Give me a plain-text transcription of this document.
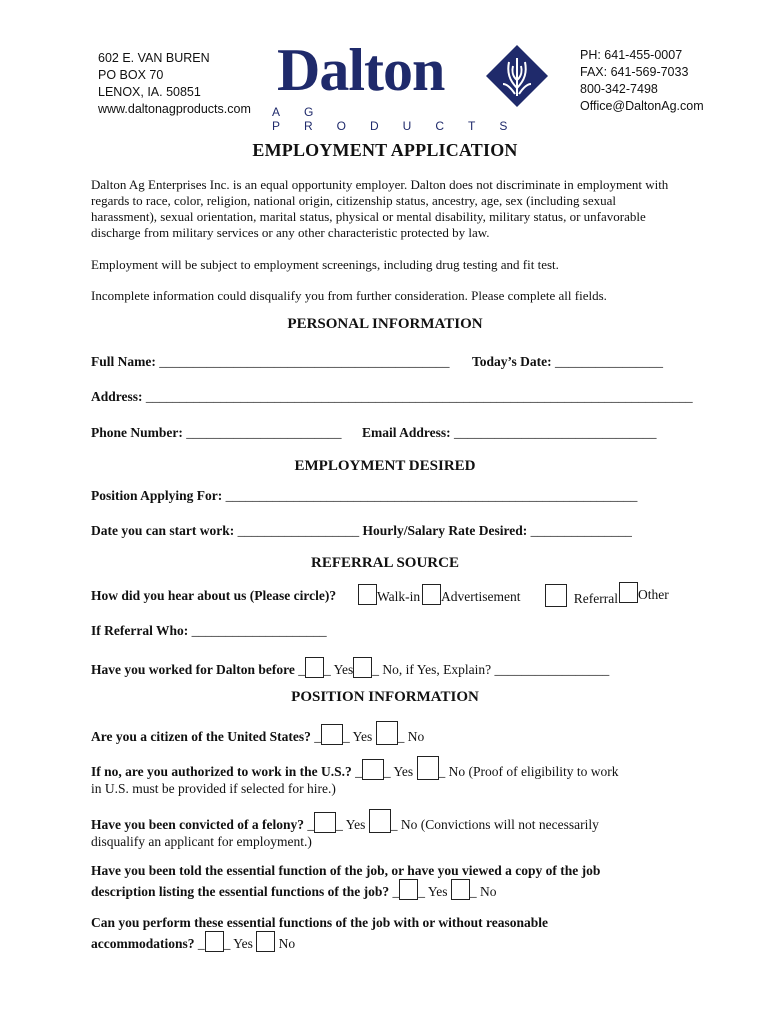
602 E. VAN BUREN
PO BOX 70
LENOX, IA. 50851
www.daltonagproducts.com
Dalton
AG PRODUCTS
PH: 641-455-0007
FAX: 641-569-7033
800-342-7498
Office@DaltonAg.com
EMPLOYMENT APPLICATION
Dalton Ag Enterprises Inc. is an equal opportunity employer. Dalton does not discriminate in employment with regards to race, color, religion, national origin, citizenship status, ancestry, age, sex (including sexual harassment), sexual orientation, marital status, physical or mental disability, military status, or unfavorable discharge from military services or any other characteristic protected by law.
Employment will be subject to employment screenings, including drug testing and fit test.
Incomplete information could disqualify you from further consideration. Please complete all fields.
PERSONAL INFORMATION
Full Name: ___________________________________________ Today’s Date: ________________
Address: _________________________________________________________________________________
Phone Number: _______________________ Email Address: ______________________________
EMPLOYMENT DESIRED
Position Applying For: _____________________________________________________________
Date you can start work: __________________ Hourly/Salary Rate Desired: _______________
REFERRAL SOURCE
How did you hear about us (Please circle)?	Walk-in	Advertisement	Referral	Other
If Referral Who: ____________________
Have you worked for Dalton before _ _ Yes _ No, if Yes, Explain? _________________
POSITION INFORMATION
Are you a citizen of the United States? _ _ Yes _ No
If no, are you authorized to work in the U.S.? _ _ Yes _ No (Proof of eligibility to work
in U.S. must be provided if selected for hire.)
Have you been convicted of a felony? _ _ Yes _ No (Convictions will not necessarily
disqualify an applicant for employment.)
Have you been told the essential function of the job, or have you viewed a copy of the job
description listing the essential functions of the job? _ _ Yes _ No
Can you perform these essential functions of the job with or without reasonable
accommodations? _ _ Yes No
